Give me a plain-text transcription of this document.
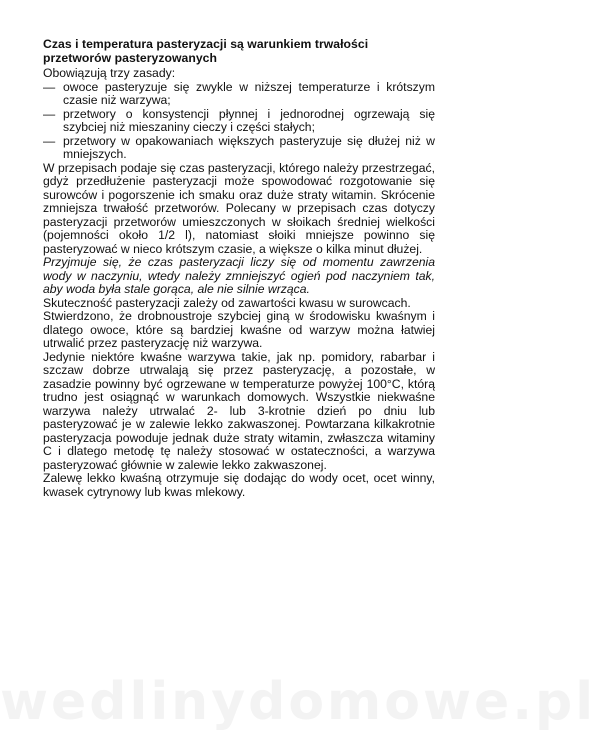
Czas i temperatura pasteryzacji są warunkiem trwałości przetworów pasteryzowanych

Obowiązują trzy zasady:

— owoce pasteryzuje się zwykle w niższej temperaturze i krótszym czasie niż warzywa;
— przetwory o konsystencji płynnej i jednorodnej ogrzewają się szybciej niż mieszaniny cieczy i części stałych;
— przetwory w opakowaniach większych pasteryzuje się dłużej niż w mniejszych.

W przepisach podaje się czas pasteryzacji, którego należy przestrzegać, gdyż przedłużenie pasteryzacji może spowodować rozgotowanie się surowców i pogorszenie ich smaku oraz duże straty witamin. Skrócenie zmniejsza trwałość przetworów. Polecany w przepisach czas dotyczy pasteryzacji przetworów umieszczonych w słoikach średniej wielkości (pojemności około 1/2 l), natomiast słoiki mniejsze powinno się pasteryzować w nieco krótszym czasie, a większe o kilka minut dłużej.

Przyjmuje się, że czas pasteryzacji liczy się od momentu zawrzenia wody w naczyniu, wtedy należy zmniejszyć ogień pod naczyniem tak, aby woda była stale gorąca, ale nie silnie wrząca.

Skuteczność pasteryzacji zależy od zawartości kwasu w surowcach.

Stwierdzono, że drobnoustroje szybciej giną w środowisku kwaśnym i dlatego owoce, które są bardziej kwaśne od warzyw można łatwiej utrwalić przez pasteryzację niż warzywa.

Jedynie niektóre kwaśne warzywa takie, jak np. pomidory, rabarbar i szczaw dobrze utrwalają się przez pasteryzację, a pozostałe, w zasadzie powinny być ogrzewane w temperaturze powyżej 100°C, którą trudno jest osiągnąć w warunkach domowych. Wszystkie niekwaśne warzywa należy utrwalać 2- lub 3-krotnie dzień po dniu lub pasteryzować je w zalewie lekko zakwaszonej. Powtarzana kilkakrotnie pasteryzacja powoduje jednak duże straty witamin, zwłaszcza witaminy C i dlatego metodę tę należy stosować w ostateczności, a warzywa pasteryzować głównie w zalewie lekko zakwaszonej.

Zalewę lekko kwaśną otrzymuje się dodając do wody ocet, ocet winny, kwasek cytrynowy lub kwas mlekowy.

wedlinydomowe.pl
